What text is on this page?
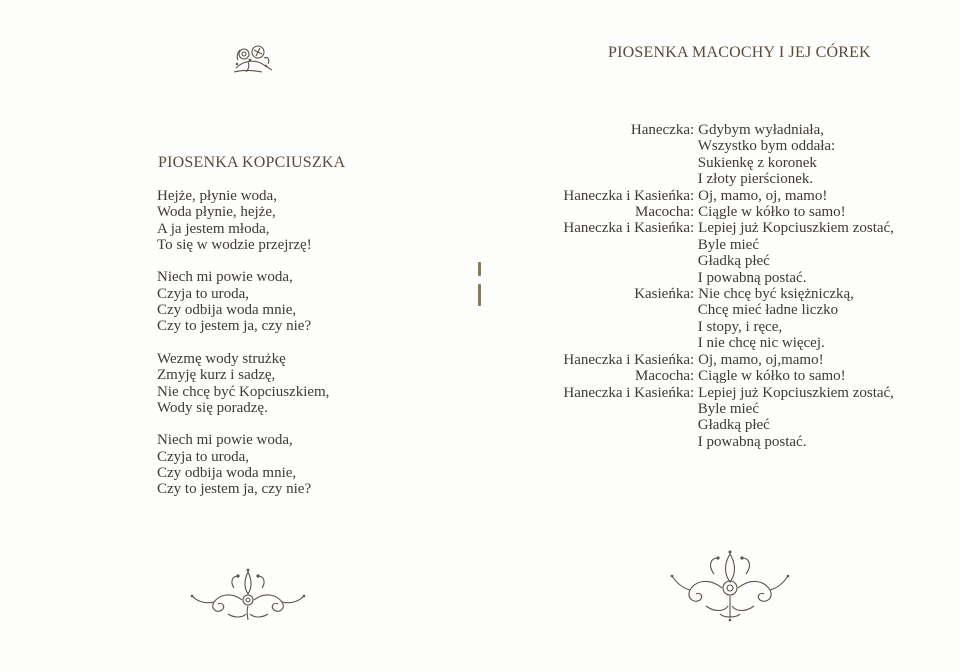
PIOSENKA KOPCIUSZKA
Hejże, płynie woda,
Woda płynie, hejże,
A ja jestem młoda,
To się w wodzie przejrzę!
Niech mi powie woda,
Czyja to uroda,
Czy odbija woda mnie,
Czy to jestem ja, czy nie?
Wezmę wody strużkę
Zmyję kurz i sadzę,
Nie chcę być Kopciuszkiem,
Wody się poradzę.
Niech mi powie woda,
Czyja to uroda,
Czy odbija woda mnie,
Czy to jestem ja, czy nie?
PIOSENKA MACOCHY I JEJ CÓREK
Haneczka : Gdybym wyładniała,

Wszystko bym oddała:

Sukienkę z koronek

I złoty pierścionek.
Haneczka i Kasieńka : Oj, mamo, oj, mamo!
Macocha : Ciągle w kółko to samo!
Haneczka i Kasieńka : Lepiej już Kopciuszkiem zostać,

Byle mieć

Gładką płeć

I powabną postać.
Kasieńka : Nie chcę być księżniczką,

Chcę mieć ładne liczko

I stopy, i ręce,

I nie chcę nic więcej.
Haneczka i Kasieńka : Oj, mamo, oj,mamo!
Macocha : Ciągle w kółko to samo!
Haneczka i Kasieńka : Lepiej już Kopciuszkiem zostać,

Byle mieć

Gładką płeć

I powabną postać.
